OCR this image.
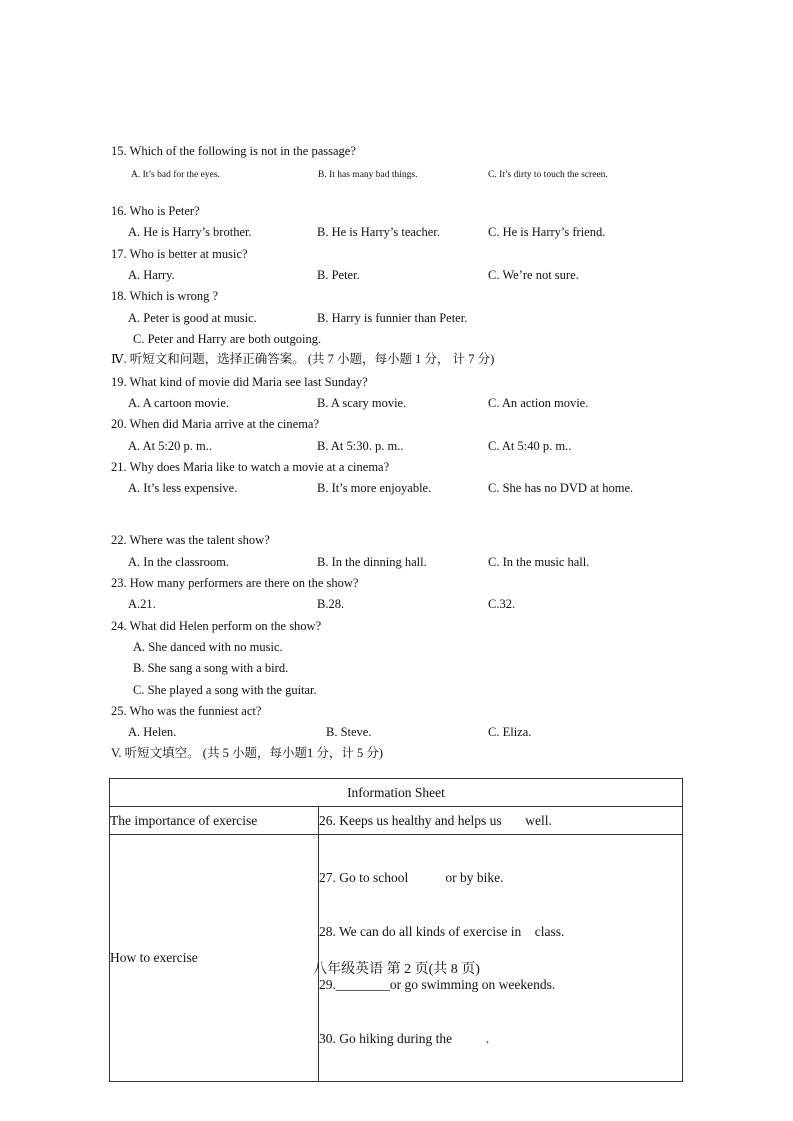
15. Which of the following is not in the passage?
A. It’s bad for the eyes.	B. It has many bad things.	C. It’s dirty to touch the screen.
16. Who is Peter?
A. He is Harry’s brother.	B. He is Harry’s teacher.	C. He is Harry’s friend.
17. Who is better at music?
A. Harry.	B. Peter.	C. We’re not sure.
18. Which is wrong ?
A. Peter is good at music.	B. Harry is funnier than Peter.
C. Peter and Harry are both outgoing.
Ⅳ. 听短文和问题，选择正确答案。 (共 7 小题，每小题 1 分， 计 7 分)
19. What kind of movie did Maria see last Sunday?
A. A cartoon movie.	B. A scary movie.	C. An action movie.
20. When did Maria arrive at the cinema?
A. At 5:20 p. m..	B. At 5:30. p. m..	C. At 5:40 p. m..
21. Why does Maria like to watch a movie at a cinema?
A. It’s less expensive.	B. It’s more enjoyable.	C. She has no DVD at home.
22. Where was the talent show?
A. In the classroom.	B. In the dinning hall.	C. In the music hall.
23. How many performers are there on the show?
A.21.	B.28.	C.32.
24. What did Helen perform on the show?
A. She danced with no music.
B. She sang a song with a bird.
C. She played a song with the guitar.
25. Who was the funniest act?
A. Helen.	B. Steve.	C. Eliza.
V. 听短文填空。 (共 5 小题，每小题1 分，计 5 分)
Information Sheet	
The importance of exercise	26. Keeps us healthy and helps us       well.
How to exercise	27. Go to school           or by bike.

28. We can do all kinds of exercise in    class.

29.________or go swimming on weekends.

30. Go hiking during the          .

八年级英语 第 2 页(共 8 页)
